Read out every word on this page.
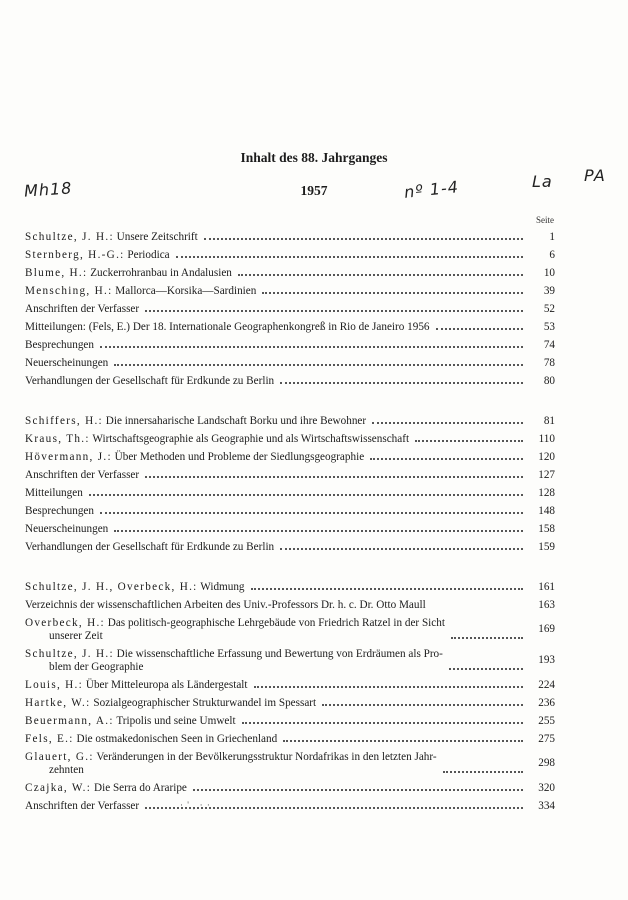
Inhalt des 88. Jahrganges
1957
Mh18	nº 1-4	La PA
Seite
Schultze, J. H.: Unsere Zeitschrift	1
Sternberg, H.-G.: Periodica	6
Blume, H.: Zuckerrohranbau in Andalusien	10
Mensching, H.: Mallorca—Korsika—Sardinien	39
Anschriften der Verfasser	52
Mitteilungen: (Fels, E.) Der 18. Internationale Geographenkongreß in Rio de Janeiro 1956	53
Besprechungen	74
Neuerscheinungen	78
Verhandlungen der Gesellschaft für Erdkunde zu Berlin	80
Schiffers, H.: Die innersaharische Landschaft Borku und ihre Bewohner	81
Kraus, Th.: Wirtschaftsgeographie als Geographie und als Wirtschaftswissenschaft	110
Hövermann, J.: Über Methoden und Probleme der Siedlungsgeographie	120
Anschriften der Verfasser	127
Mitteilungen	128
Besprechungen	148
Neuerscheinungen	158
Verhandlungen der Gesellschaft für Erdkunde zu Berlin	159
Schultze, J. H., Overbeck, H.: Widmung	161
Verzeichnis der wissenschaftlichen Arbeiten des Univ.-Professors Dr. h. c. Dr. Otto Maull	163
Overbeck, H.: Das politisch-geographische Lehrgebäude von Friedrich Ratzel in der Sicht
unserer Zeit
169
Schultze, J. H.: Die wissenschaftliche Erfassung und Bewertung von Erdräumen als Pro-
blem der Geographie
193
Louis, H.: Über Mitteleuropa als Ländergestalt	224
Hartke, W.: Sozialgeographischer Strukturwandel im Spessart	236
Beuermann, A.: Tripolis und seine Umwelt	255
Fels, E.: Die ostmakedonischen Seen in Griechenland	275
Glauert, G.: Veränderungen in der Bevölkerungsstruktur Nordafrikas in den letzten Jahr-
zehnten
298
Czajka, W.: Die Serra do Araripe	320
Anschriften der Verfasser	334
· ' , · ·
